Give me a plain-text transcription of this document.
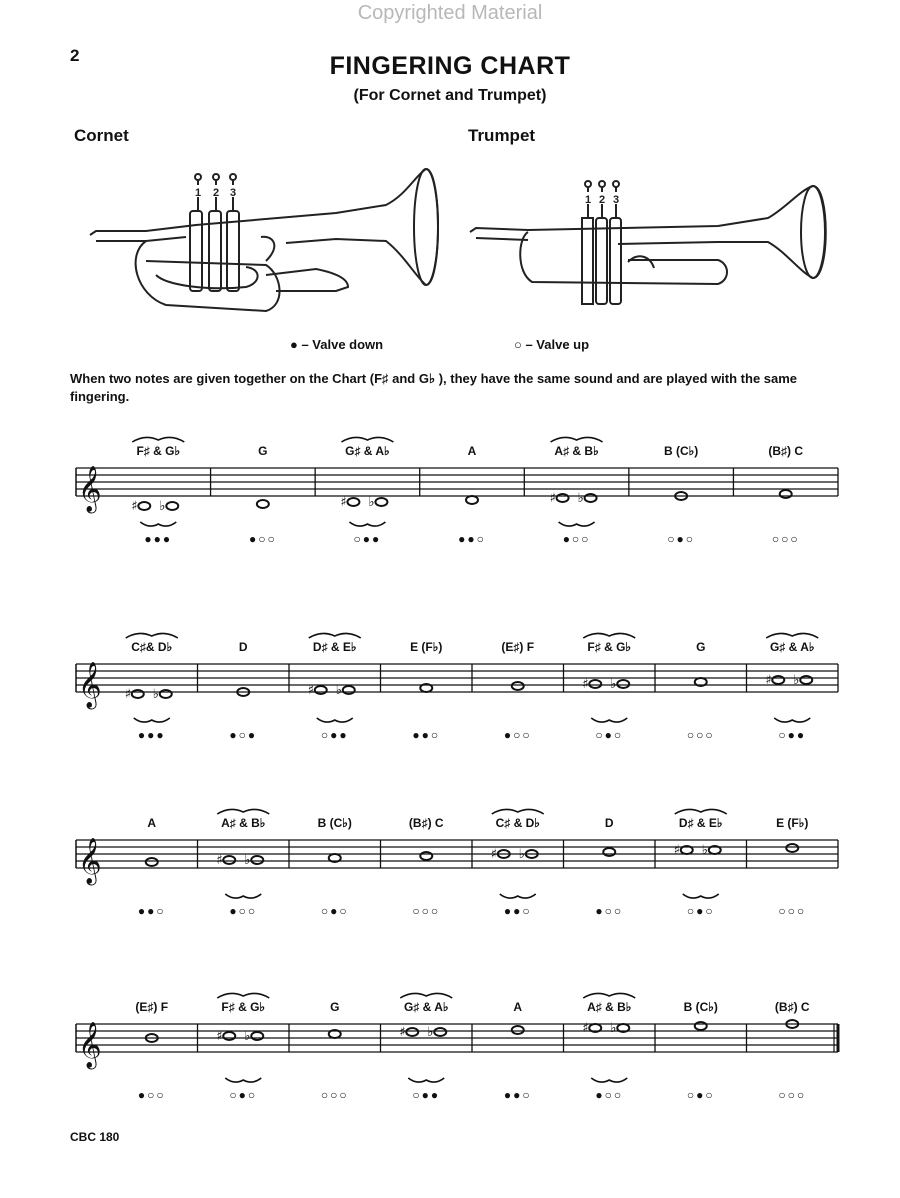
Copyrighted Material
2	FINGERING CHART
(For Cornet and Trumpet)
Cornet	Trumpet
1 2 3
1 2 3
● – Valve down	○ – Valve up
When two notes are given together on the Chart (F♯ and G♭ ), they have the same sound and are played with the same fingering.
F♯ & G♭
●●●
G
●○○
G♯ & A♭
○●●
A
●●○
A♯ & B♭
●○○
B (C♭)
○●○
(B♯) C
○○○
𝄞 ♯ ♭	♯ ♭	♯ ♭
C♯& D♭
●●●
D
●○●
D♯ & E♭
○●●
E (F♭)
●●○
(E♯) F
●○○
F♯ & G♭
○●○
G
○○○
G♯ & A♭
○●●
𝄞 ♯ ♭	♯ ♭	♯ ♭	♯ ♭
A
●●○
A♯ & B♭
●○○
B (C♭)
○●○
(B♯) C
○○○
C♯ & D♭
●●○
D
●○○
D♯ & E♭
○●○
E (F♭)
○○○
𝄞	♯ ♭	♯ ♭	♯ ♭
(E♯) F
●○○
F♯ & G♭
○●○
G
○○○
G♯ & A♭
○●●
A
●●○
A♯ & B♭
●○○
B (C♭)
○●○
(B♯) C
○○○
𝄞	♯ ♭	♯ ♭	♯ ♭
CBC 180
